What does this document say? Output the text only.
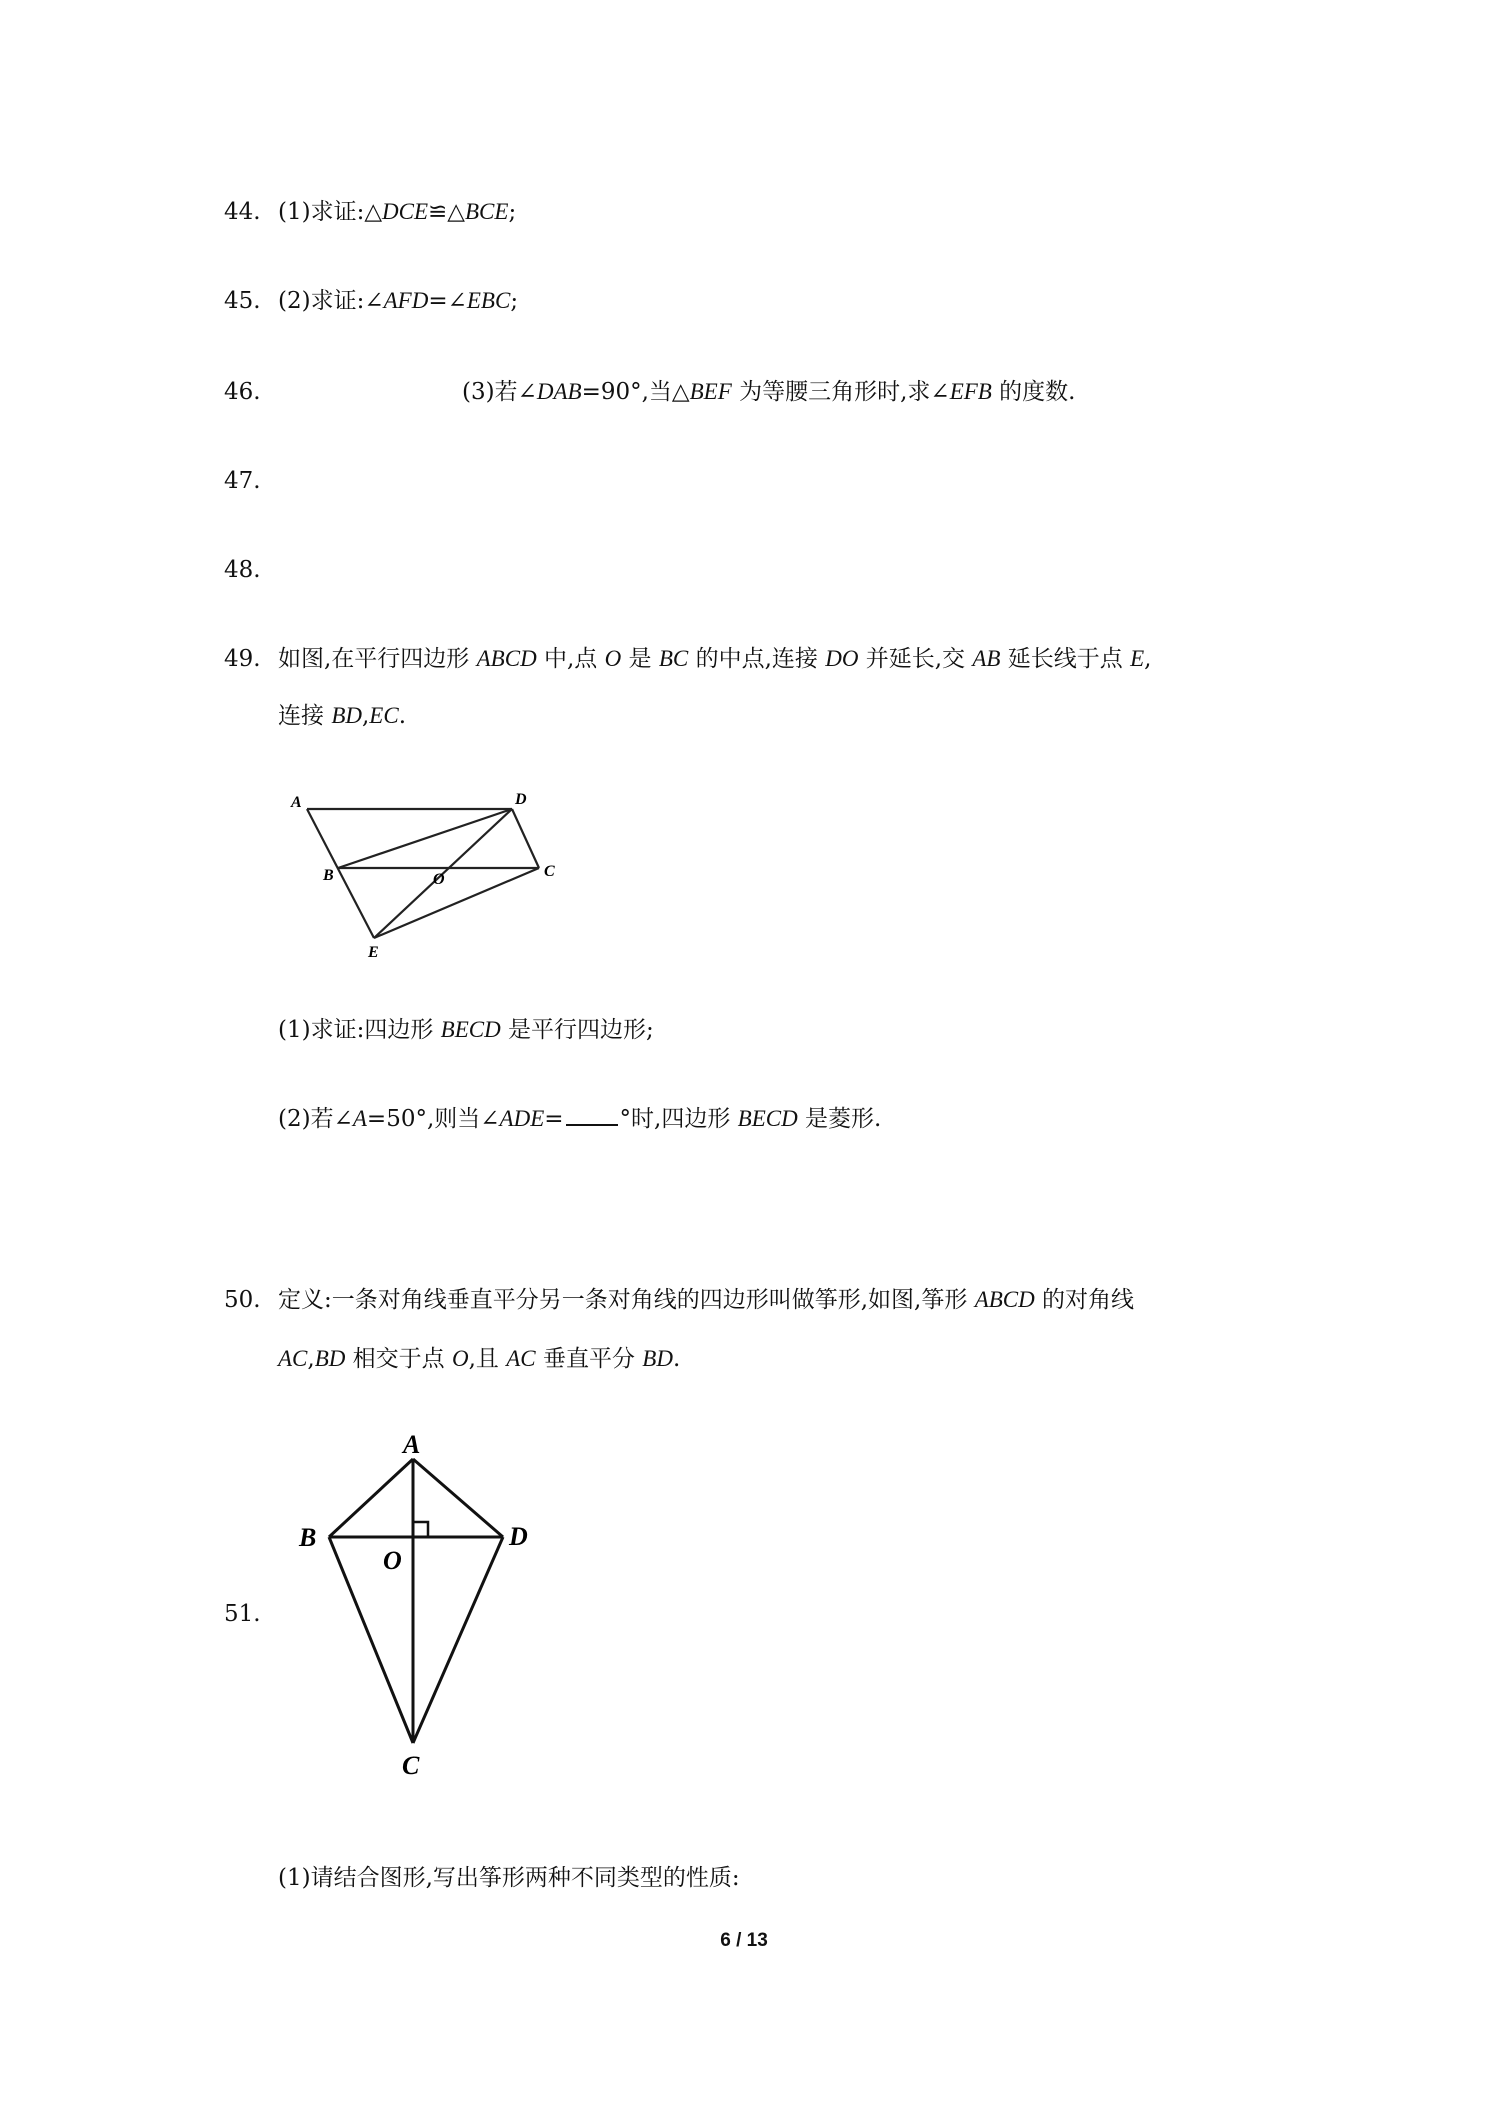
44. (1)求证:△DCE≌△BCE;
45. (2)求证:∠AFD=∠EBC;
46.	(3)若∠DAB=90°,当△BEF 为等腰三角形时,求∠EFB 的度数.
47.
48.
49. 如图,在平行四边形 ABCD 中,点 O 是 BC 的中点,连接 DO 并延长,交 AB 延长线于点 E,
连接 BD,EC.
A	D
B	O	C
E
(1)求证:四边形 BECD 是平行四边形;
(2)若∠A=50°,则当∠ADE= °时,四边形 BECD 是菱形.
50. 定义:一条对角线垂直平分另一条对角线的四边形叫做筝形,如图,筝形 ABCD 的对角线
AC,BD 相交于点 O,且 AC 垂直平分 BD.
51.
A
B
O
D
C
(1)请结合图形,写出筝形两种不同类型的性质:
6 / 13
